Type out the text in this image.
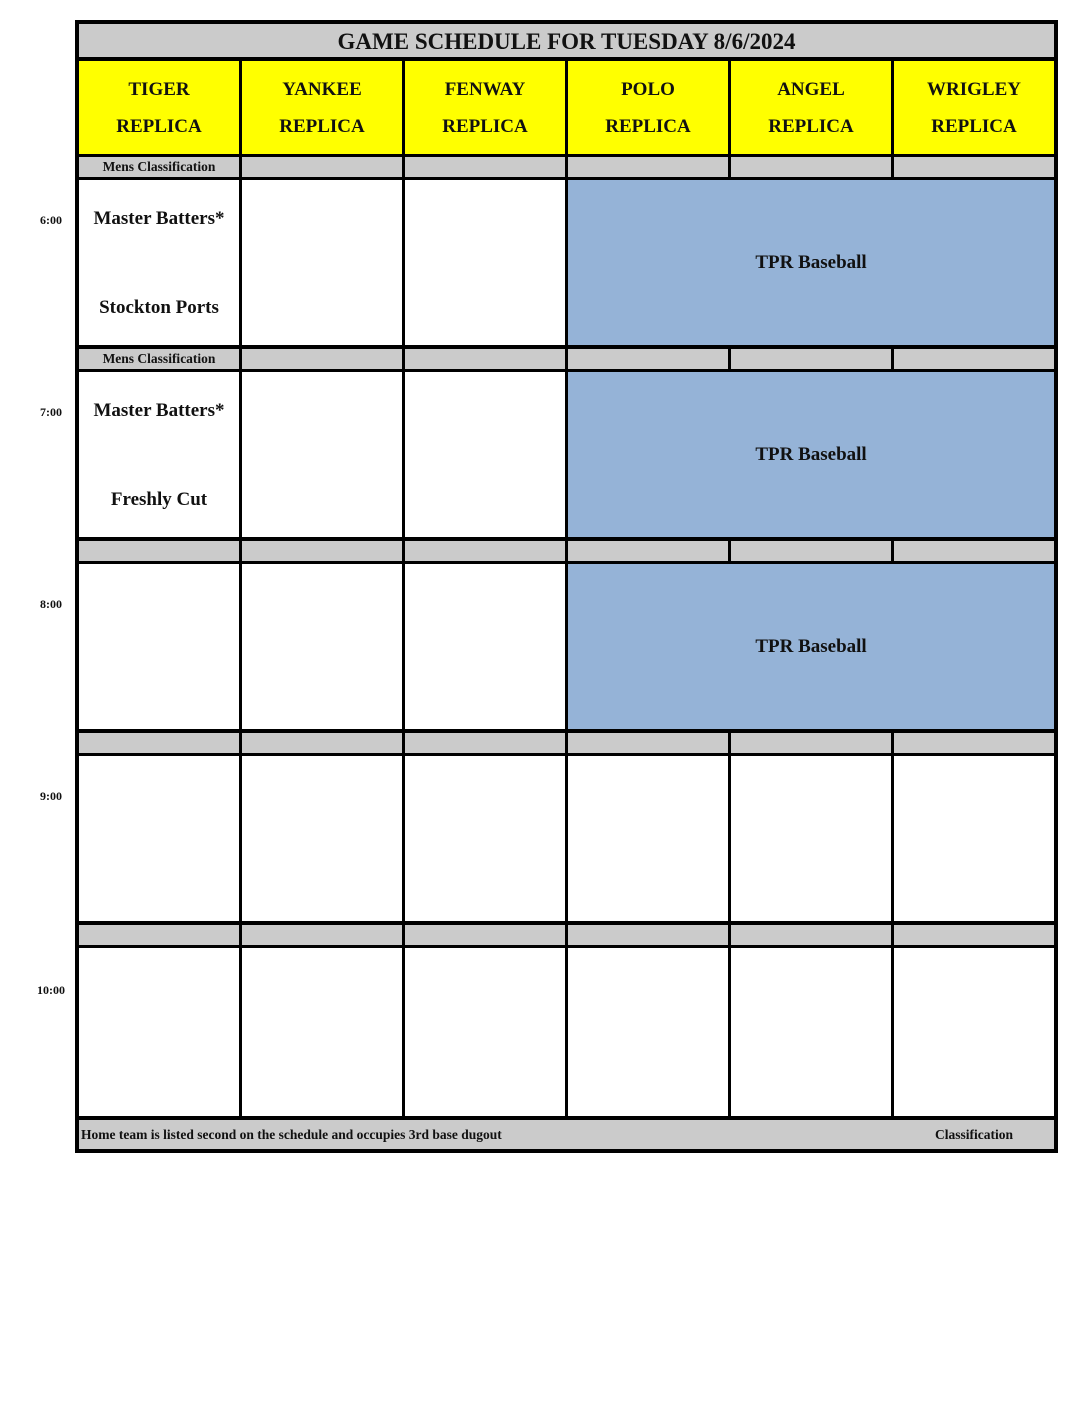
GAME SCHEDULE FOR TUESDAY 8/6/2024
TIGER
REPLICA
YANKEE
REPLICA
FENWAY
REPLICA
POLO
REPLICA
ANGEL
REPLICA
WRIGLEY
REPLICA
Mens Classification
Master Batters*
Stockton Ports
TPR Baseball
Mens Classification
Master Batters*
Freshly Cut
TPR Baseball
TPR Baseball
Home team is listed second on the schedule and occupies 3rd base dugout	Classification
6:00
7:00
8:00
9:00
10:00
